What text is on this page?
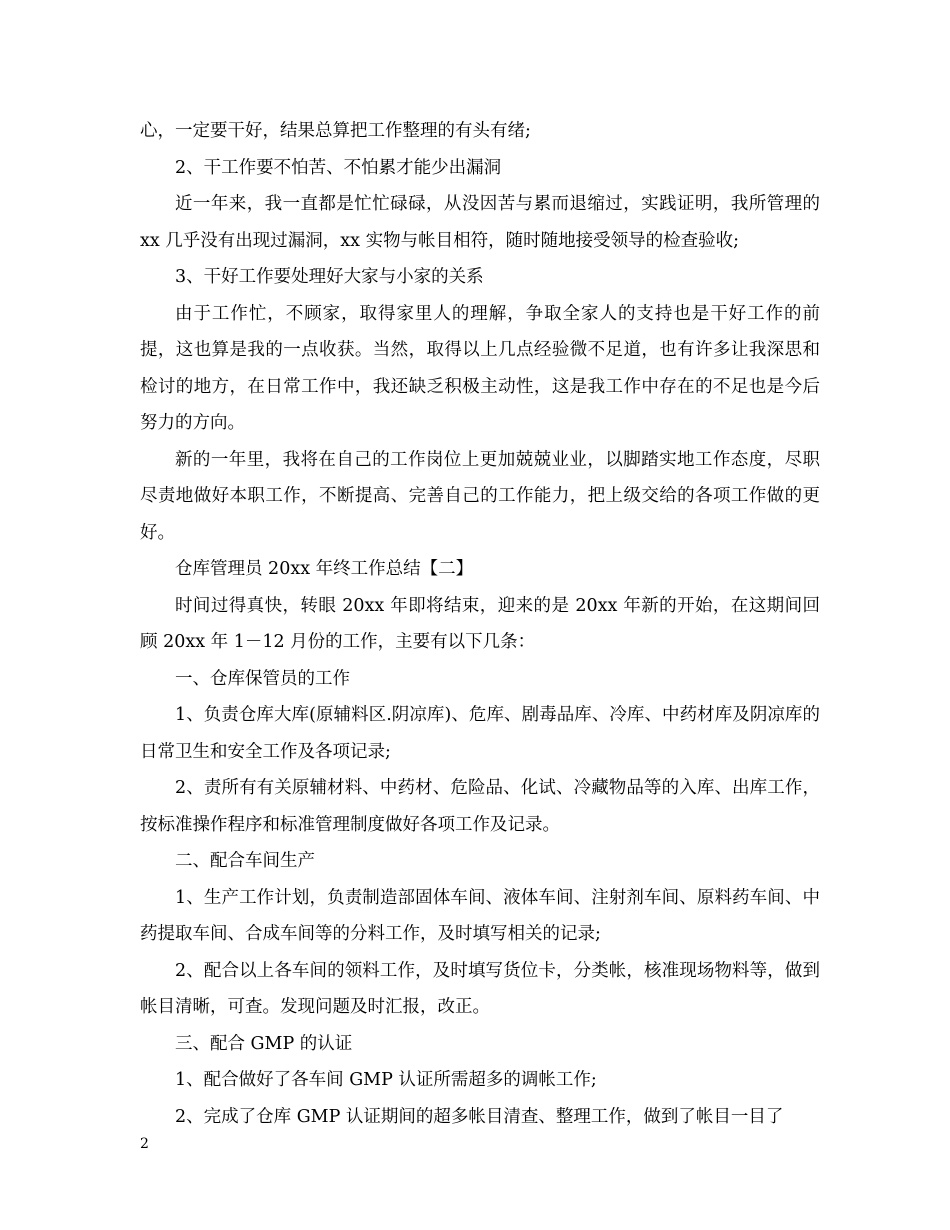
心，一定要干好，结果总算把工作整理的有头有绪;

2、干工作要不怕苦、不怕累才能少出漏洞

近一年来，我一直都是忙忙碌碌，从没因苦与累而退缩过，实践证明，我所管理的 xx 几乎没有出现过漏洞，xx 实物与帐目相符，随时随地接受领导的检查验收;

3、干好工作要处理好大家与小家的关系

由于工作忙，不顾家，取得家里人的理解，争取全家人的支持也是干好工作的前提，这也算是我的一点收获。当然，取得以上几点经验微不足道，也有许多让我深思和检讨的地方，在日常工作中，我还缺乏积极主动性，这是我工作中存在的不足也是今后努力的方向。

新的一年里，我将在自己的工作岗位上更加兢兢业业，以脚踏实地工作态度，尽职尽责地做好本职工作，不断提高、完善自己的工作能力，把上级交给的各项工作做的更好。

仓库管理员 20xx 年终工作总结【二】

时间过得真快，转眼 20xx 年即将结束，迎来的是 20xx 年新的开始，在这期间回顾 20xx 年 1－12 月份的工作，主要有以下几条：

一、仓库保管员的工作

1、负责仓库大库(原辅料区.阴凉库)、危库、剧毒品库、冷库、中药材库及阴凉库的日常卫生和安全工作及各项记录;

2、责所有有关原辅材料、中药材、危险品、化试、冷藏物品等的入库、出库工作，按标准操作程序和标准管理制度做好各项工作及记录。

二、配合车间生产

1、生产工作计划，负责制造部固体车间、液体车间、注射剂车间、原料药车间、中药提取车间、合成车间等的分料工作，及时填写相关的记录;

2、配合以上各车间的领料工作，及时填写货位卡，分类帐，核准现场物料等，做到帐目清晰，可查。发现问题及时汇报，改正。

三、配合 GMP 的认证

1、配合做好了各车间 GMP 认证所需超多的调帐工作;

2、完成了仓库 GMP 认证期间的超多帐目清查、整理工作，做到了帐目一目了

2
